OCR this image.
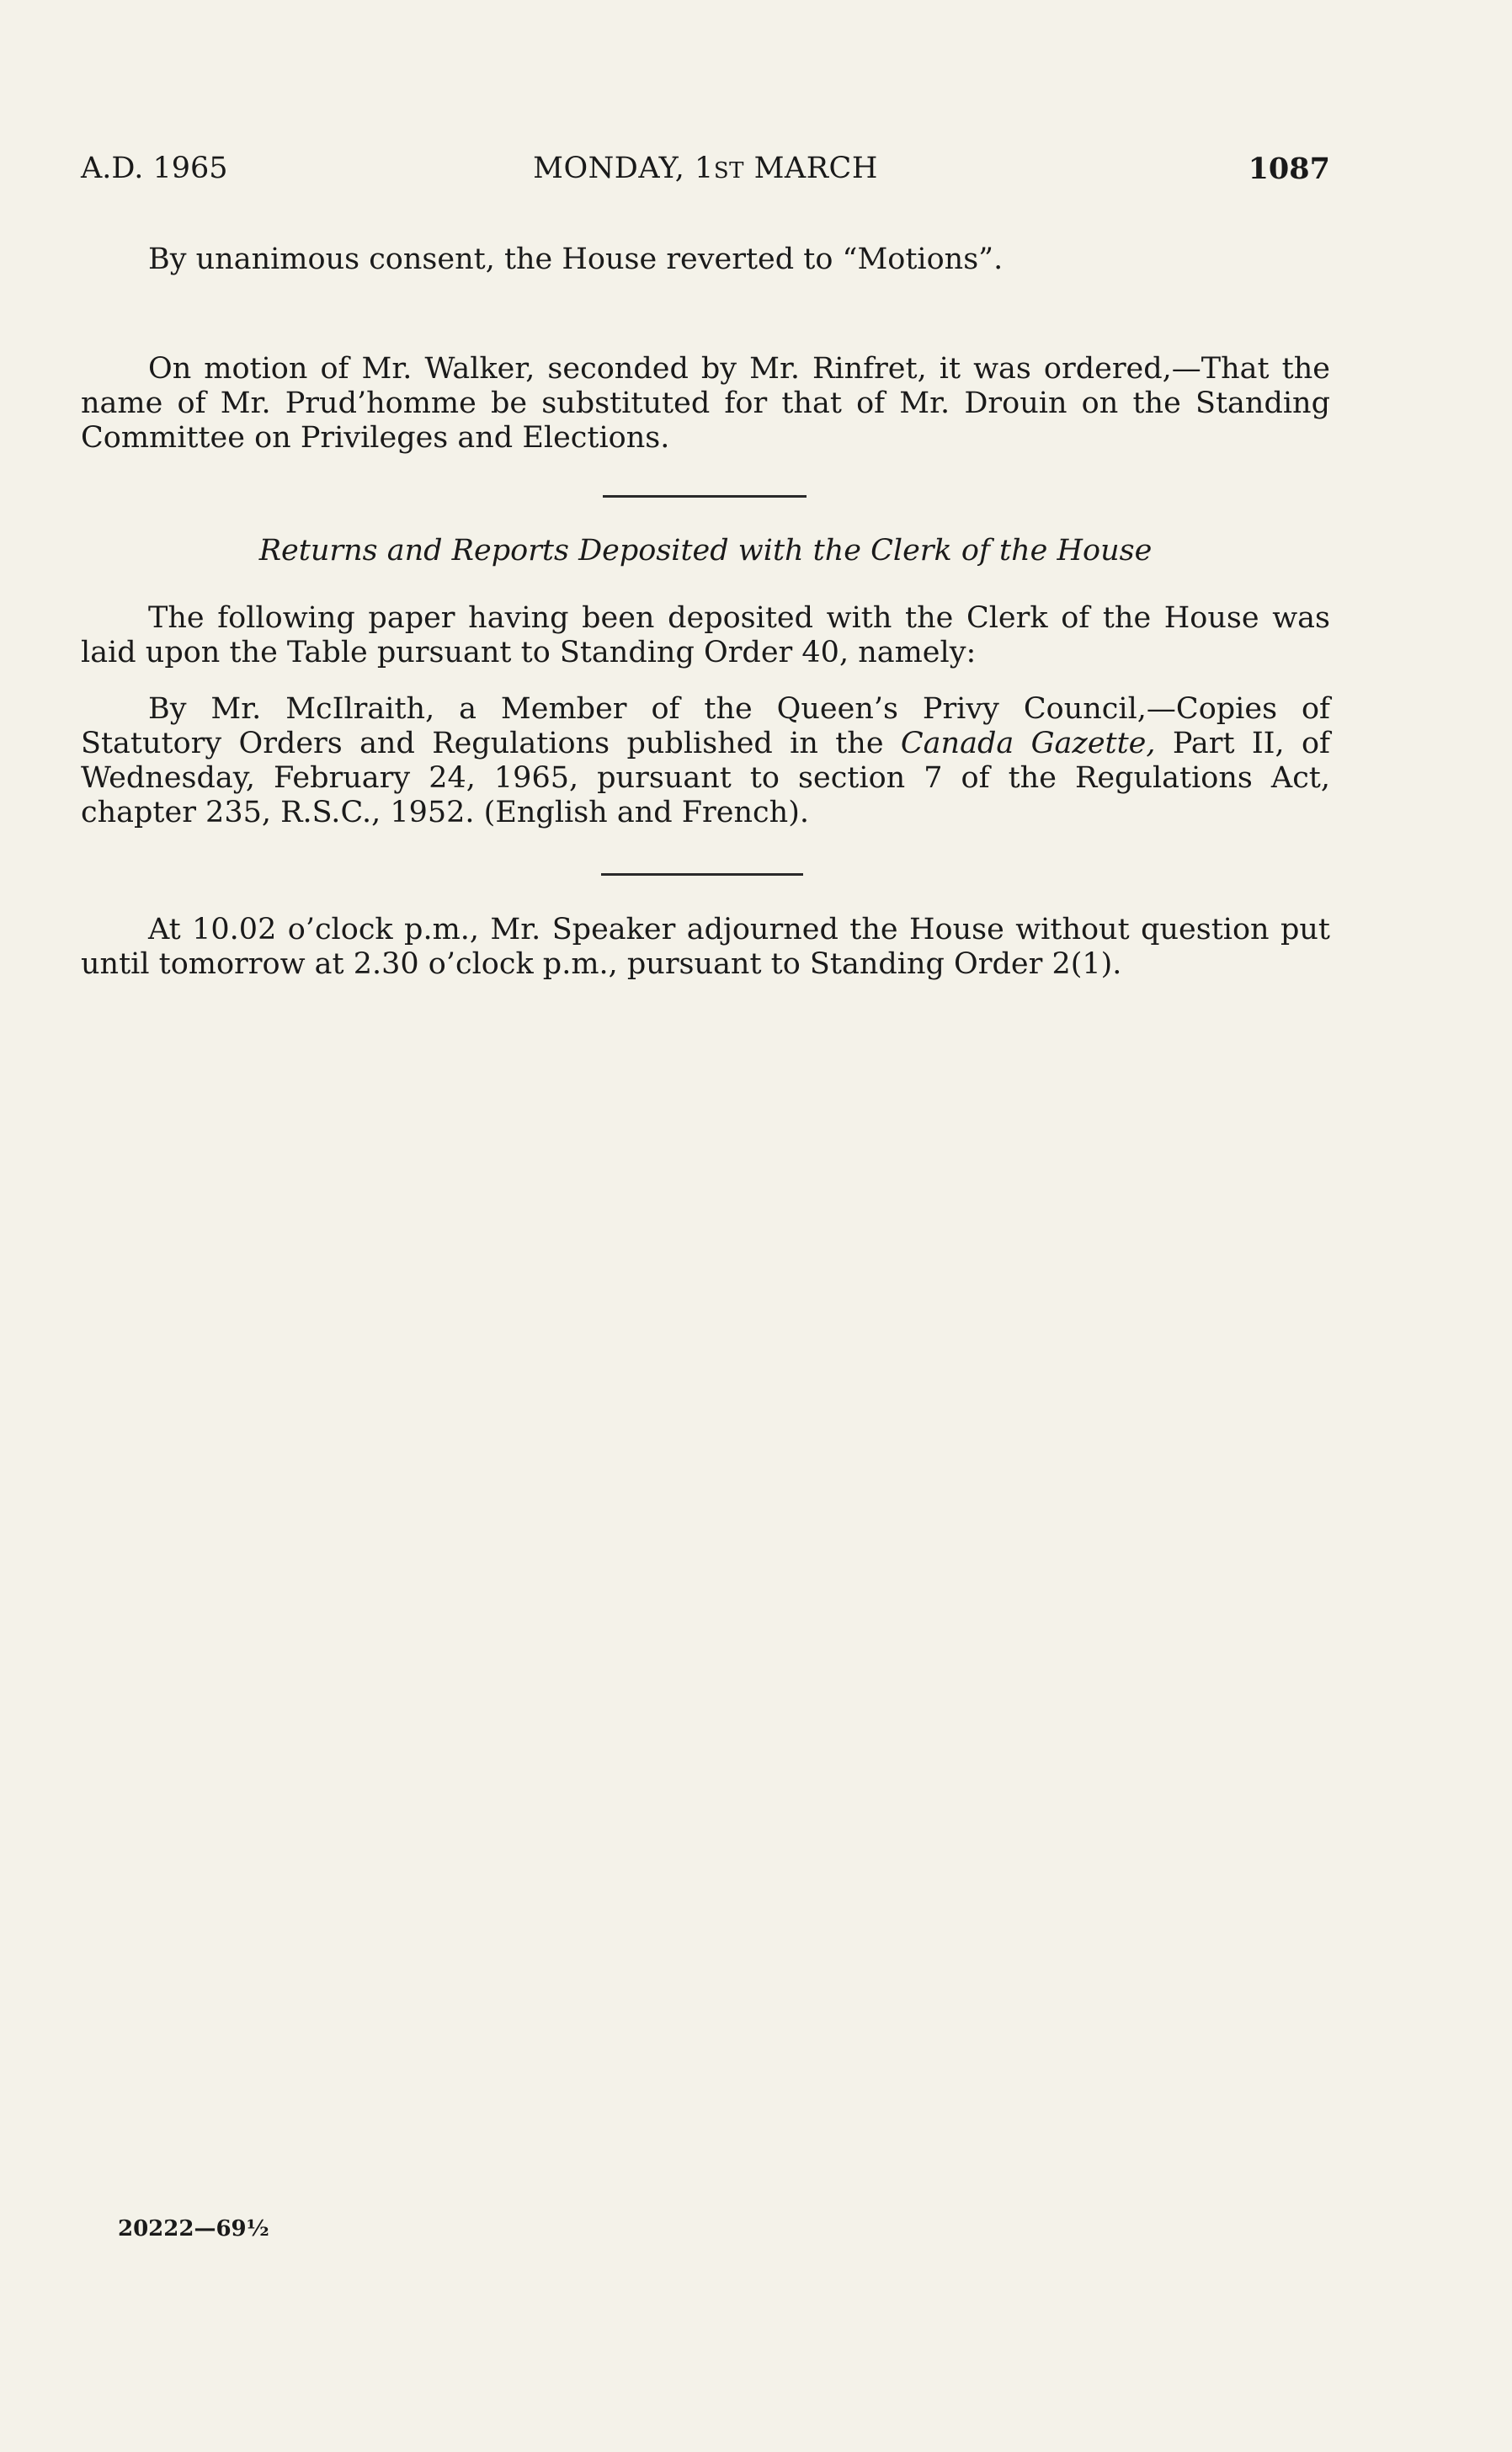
A.D. 1965	MONDAY, 1ST MARCH	1087

By unanimous consent, the House reverted to “Motions”.

On motion of Mr. Walker, seconded by Mr. Rinfret, it was ordered,—That the name of Mr. Prud’homme be substituted for that of Mr. Drouin on the Standing Committee on Privileges and Elections.

Returns and Reports Deposited with the Clerk of the House

The following paper having been deposited with the Clerk of the House was laid upon the Table pursuant to Standing Order 40, namely:

By Mr. McIlraith, a Member of the Queen’s Privy Council,—Copies of Statutory Orders and Regulations published in the Canada Gazette, Part II, of Wednesday, February 24, 1965, pursuant to section 7 of the Regulations Act, chapter 235, R.S.C., 1952. (English and French).

At 10.02 o’clock p.m., Mr. Speaker adjourned the House without question put until tomorrow at 2.30 o’clock p.m., pursuant to Standing Order 2(1).

20222—69½
